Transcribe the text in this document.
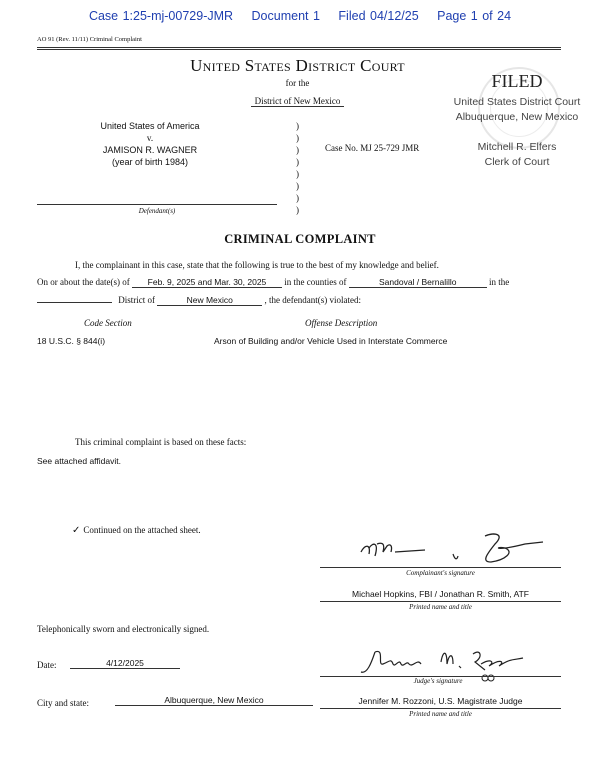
Case 1:25-mj-00729-JMR Document 1 Filed 04/12/25 Page 1 of 24
AO 91 (Rev. 11/11) Criminal Complaint
United States District Court
for the
District of New Mexico
FILED
United States District Court
Albuquerque, New Mexico
Mitchell R. Elfers
Clerk of Court
United States of America
v.
JAMISON R. WAGNER
(year of birth 1984)
)
)
)
)
)
)
)
)
Case No. MJ 25-729 JMR
Defendant(s)
CRIMINAL COMPLAINT
I, the complainant in this case, state that the following is true to the best of my knowledge and belief.
On or about the date(s) of Feb. 9, 2025 and Mar. 30, 2025 in the counties of	Sandoval / Bernalillo	in the
District of	New Mexico	, the defendant(s) violated:
Code Section	Offense Description
18 U.S.C. § 844(i)	Arson of Building and/or Vehicle Used in Interstate Commerce
This criminal complaint is based on these facts:
See attached affidavit.
✓ Continued on the attached sheet.
Complainant's signature
Michael Hopkins, FBI / Jonathan R. Smith, ATF
Printed name and title
Telephonically sworn and electronically signed.
Date:	4/12/2025
Judge's signature
Jennifer M. Rozzoni, U.S. Magistrate Judge
Printed name and title
City and state:	Albuquerque, New Mexico
